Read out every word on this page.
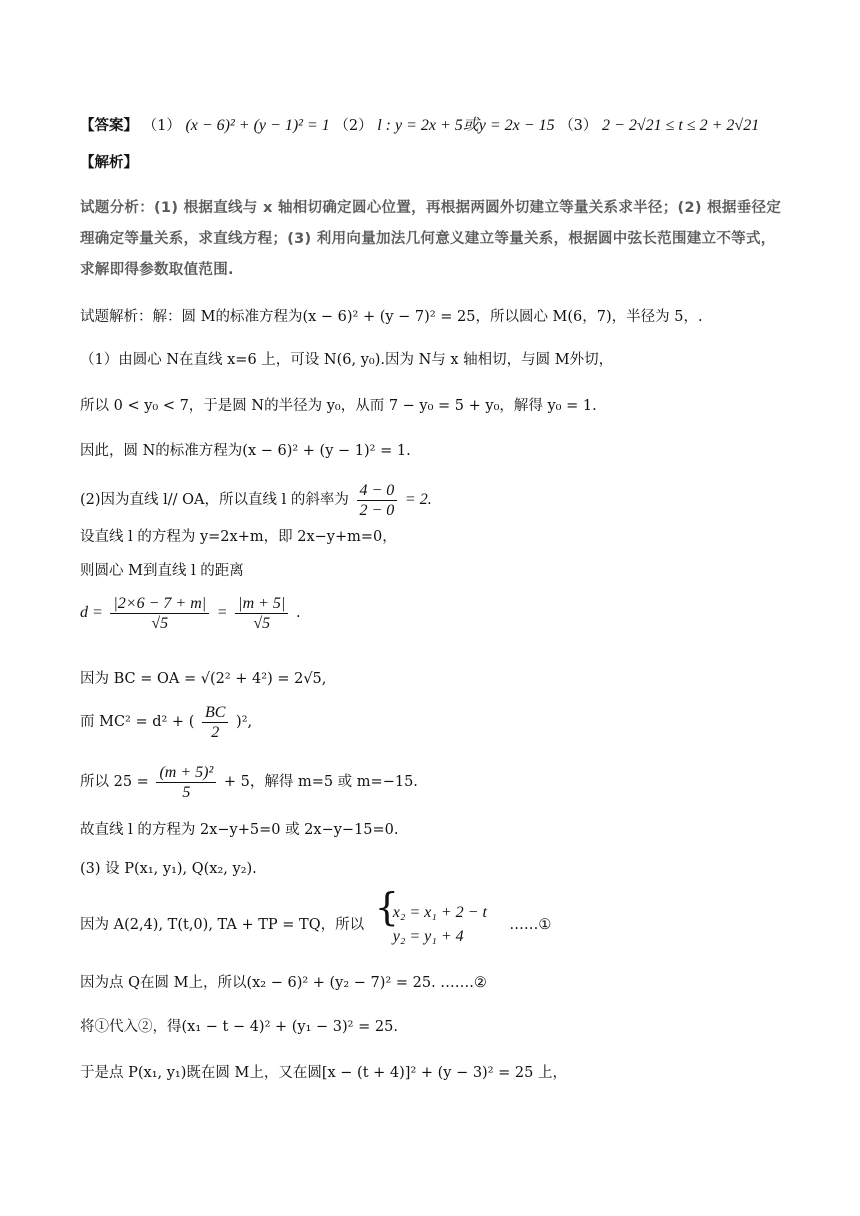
【答案】 （1） (x − 6)² + (y − 1)² = 1 （2） l : y = 2x + 5或y = 2x − 15 （3） 2 − 2√21 ≤ t ≤ 2 + 2√21
【解析】
试题分析：(1) 根据直线与 x 轴相切确定圆心位置，再根据两圆外切建立等量关系求半径；(2) 根据垂径定
理确定等量关系，求直线方程；(3) 利用向量加法几何意义建立等量关系，根据圆中弦长范围建立不等式，
求解即得参数取值范围.
试题解析：解：圆 M的标准方程为(x − 6)² + (y − 7)² = 25，所以圆心 M(6，7)，半径为 5，.
（1）由圆心 N在直线 x=6 上，可设 N(6, y₀).因为 N与 x 轴相切，与圆 M外切，
所以 0 < y₀ < 7，于是圆 N的半径为 y₀，从而 7 − y₀ = 5 + y₀，解得 y₀ = 1.
因此，圆 N的标准方程为(x − 6)² + (y − 1)² = 1.
(2)因为直线 l// OA，所以直线 l 的斜率为 $\frac{4 - 0}{2 - 0} = 2$.
设直线 l 的方程为 y=2x+m，即 2x−y+m=0，
则圆心 M到直线 l 的距离
$d = \frac{|2\times 6 - 7 + m|}{√5} = \frac{|m + 5|}{√5}$ .
因为 BC = OA = √(2² + 4²) = 2√5,
而 MC² = d² + ( $\frac{BC}{2} )^2$,
所以 $25 = \frac{\text{(m + 5)²}}{5} + 5$，解得 m=5 或 m=−15.
故直线 l 的方程为 2x−y+5=0 或 2x−y−15=0.
(3) 设 P(x₁, y₁), Q(x₂, y₂).
因为 A(2,4), T(t,0), TA + TP = TQ，所以 {
x₂ = x₁ + 2 − t
y₂ = y₁ + 4
……①
因为点 Q在圆 M上，所以(x₂ − 6)² + (y₂ − 7)² = 25. …….②
将①代入②，得(x₁ − t − 4)² + (y₁ − 3)² = 25.
于是点 P(x₁, y₁)既在圆 M上，又在圆[x − (t + 4)]² + (y − 3)² = 25 上，
